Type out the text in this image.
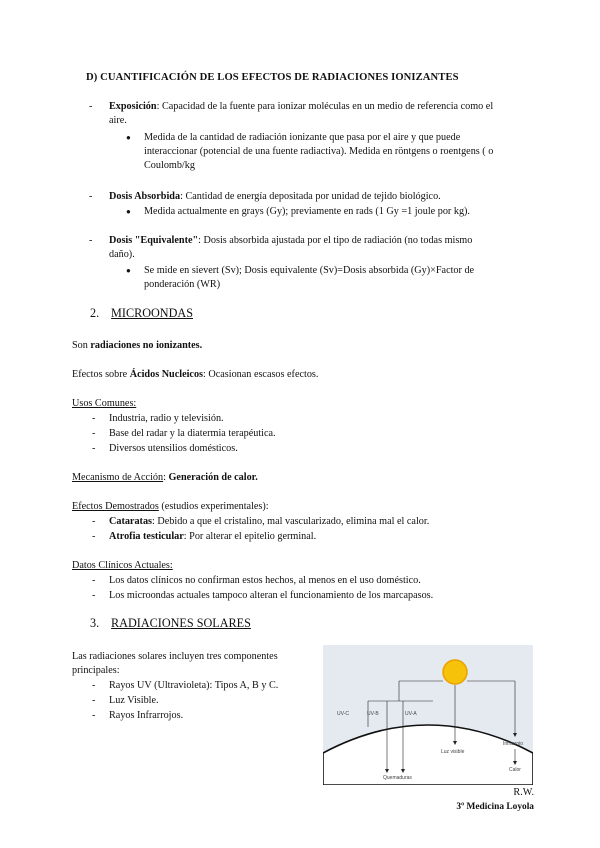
D) CUANTIFICACIÓN DE LOS EFECTOS DE RADIACIONES IONIZANTES
- Exposición: Capacidad de la fuente para ionizar moléculas en un medio de referencia como el
aire.
● Medida de la cantidad de radiación ionizante que pasa por el aire y que puede
interaccionar (potencial de una fuente radiactiva). Medida en röntgens o roentgens ( o
Coulomb/kg
- Dosis Absorbida: Cantidad de energía depositada por unidad de tejido biológico.
● Medida actualmente en grays (Gy); previamente en rads (1 Gy =1 joule por kg).
- Dosis "Equivalente": Dosis absorbida ajustada por el tipo de radiación (no todas mismo
daño).
● Se mide en sievert (Sv); Dosis equivalente (Sv)=Dosis absorbida (Gy)×Factor de
ponderación (WR)
2. MICROONDAS
Son radiaciones no ionizantes.
Efectos sobre Ácidos Nucleicos: Ocasionan escasos efectos.
Usos Comunes:
- Industria, radio y televisión.
- Base del radar y la diatermia terapéutica.
- Diversos utensilios domésticos.
Mecanismo de Acción: Generación de calor.
Efectos Demostrados (estudios experimentales):
- Cataratas: Debido a que el cristalino, mal vascularizado, elimina mal el calor.
- Atrofia testicular: Por alterar el epitelio germinal.
Datos Clínicos Actuales:
- Los datos clínicos no confirman estos hechos, al menos en el uso doméstico.
- Los microondas actuales tampoco alteran el funcionamiento de los marcapasos.
3. RADIACIONES SOLARES
Las radiaciones solares incluyen tres componentes
principales:
- Rayos UV (Ultravioleta): Tipos A, B y C.
- Luz Visible.
- Rayos Infrarrojos.	UV-C	UV-B	UV-A
Luz visible
Infrarrojo
Calor
Quemaduras
R.W.
3º Medicina Loyola
